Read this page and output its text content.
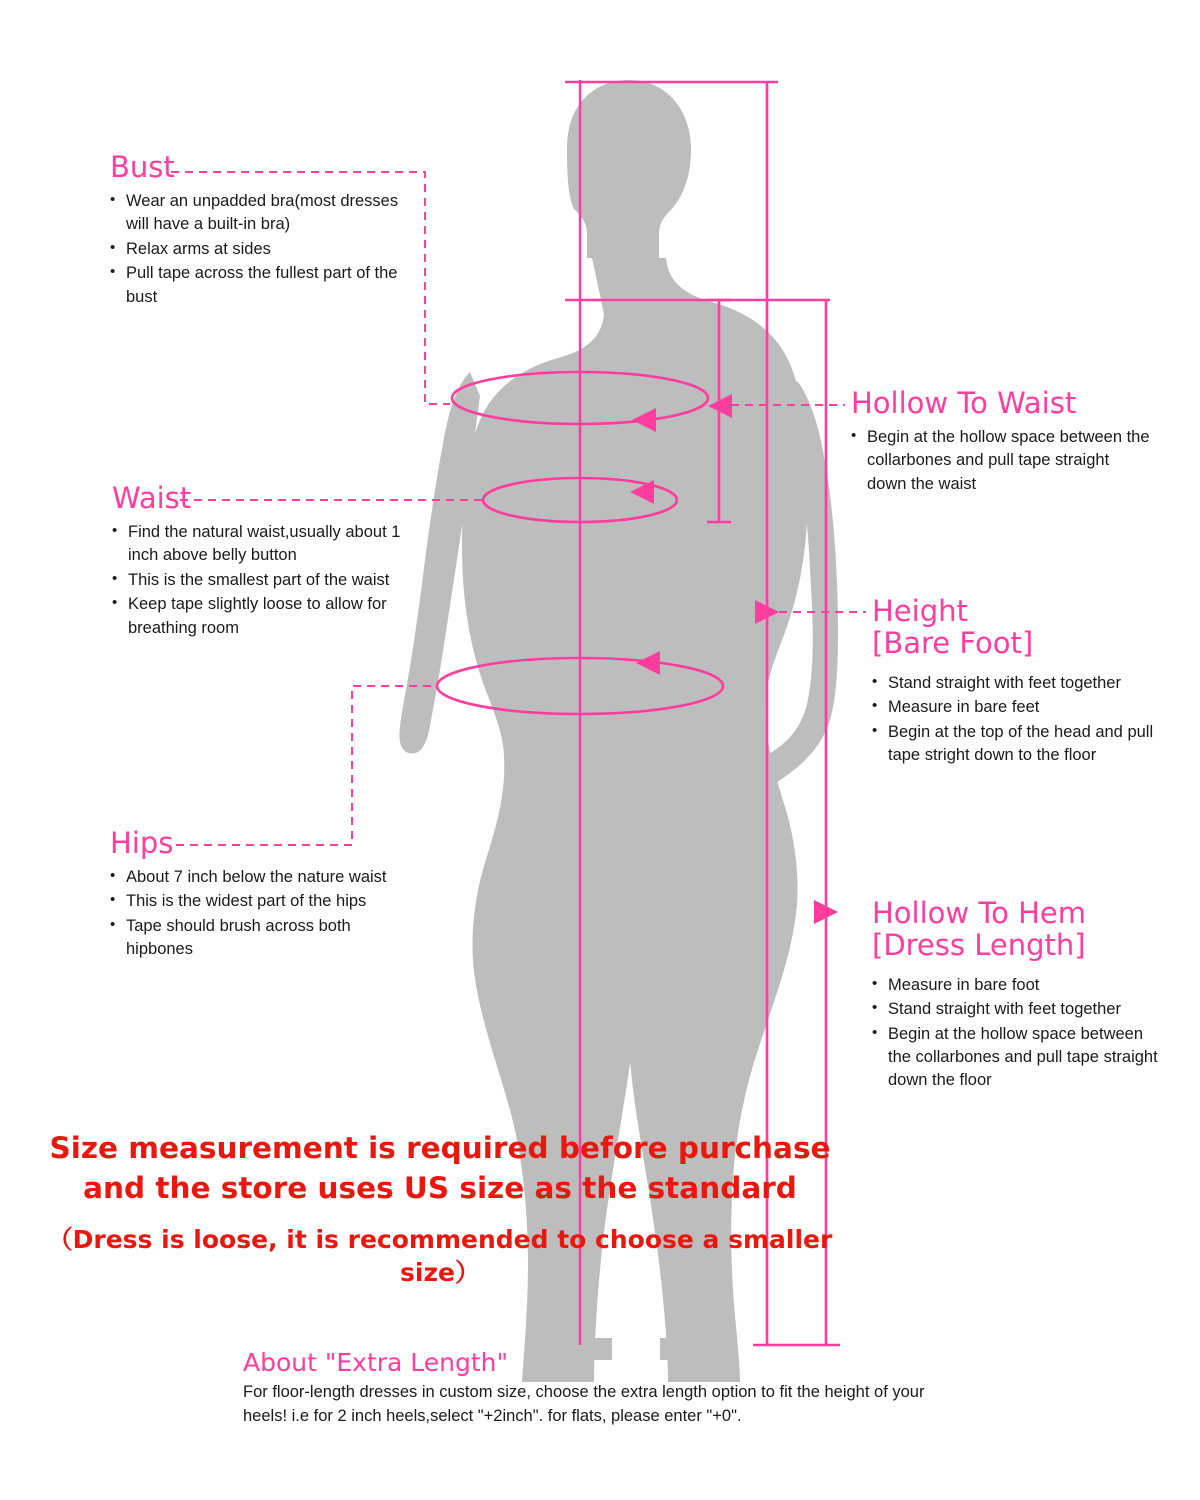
Bust
• Wear an unpadded bra(most dresses will have a built-in bra)
• Relax arms at sides
• Pull tape across the fullest part of the bust
Waist
• Find the natural waist,usually about 1 inch above belly button
• This is the smallest part of the waist
• Keep tape slightly loose to allow for breathing room
Hips
• About 7 inch below the nature waist
• This is the widest part of the hips
• Tape should brush across both hipbones
Hollow To Waist
• Begin at the hollow space between the collarbones and pull tape straight down the waist
Height
[Bare Foot]
• Stand straight with feet together
• Measure in bare feet
• Begin at the top of the head and pull tape stright down to the floor
Hollow To Hem
[Dress Length]
• Measure in bare foot
• Stand straight with feet together
• Begin at the hollow space between the collarbones and pull tape straight down the floor
Size measurement is required before purchase
and the store uses US size as the standard
（Dress is loose, it is recommended to choose a smaller size）
About "Extra Length"
For floor-length dresses in custom size, choose the extra length option to fit the height of your heels! i.e for 2 inch heels,select "+2inch". for flats, please enter "+0".
